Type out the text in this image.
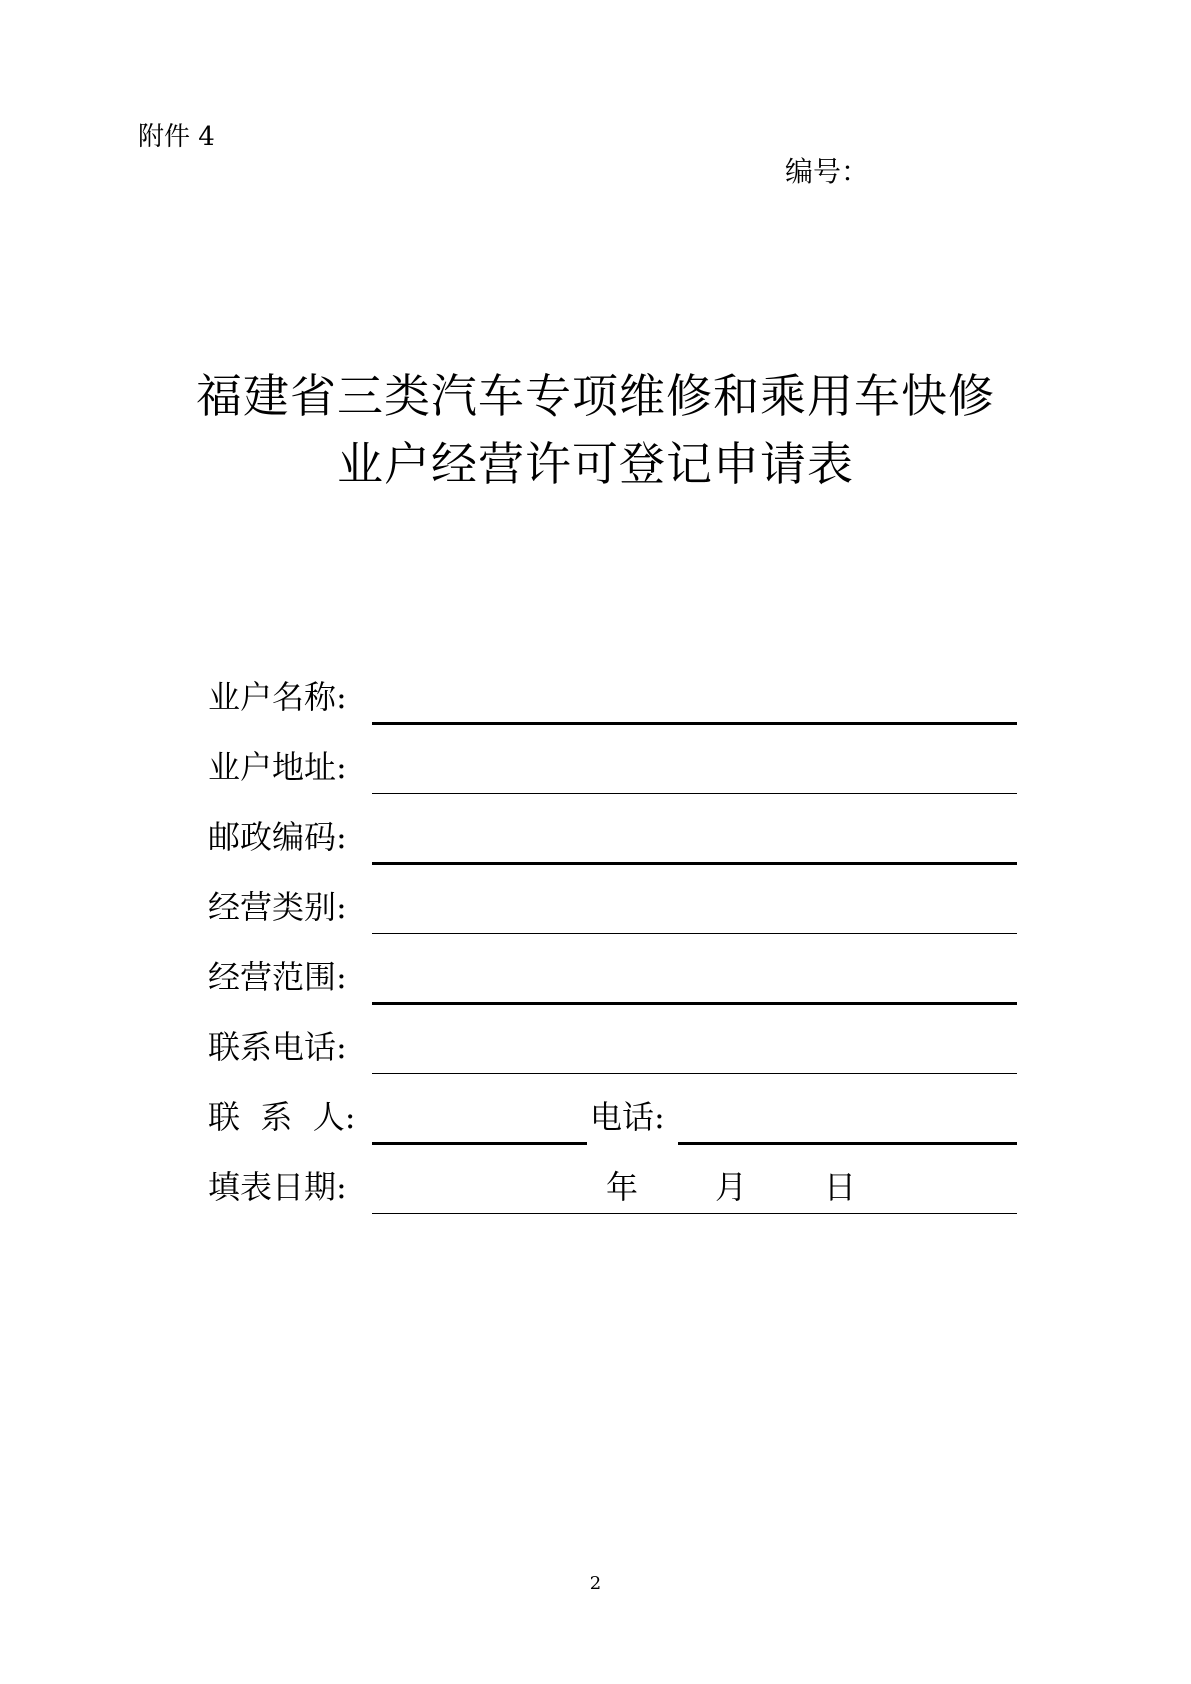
附件 4
编号：
福建省三类汽车专项维修和乘用车快修
业户经营许可登记申请表
业户名称:
业户地址:
邮政编码:
经营类别:
经营范围:
联系电话:
联  系  人:	电话:
填表日期:	年 月 日
2
